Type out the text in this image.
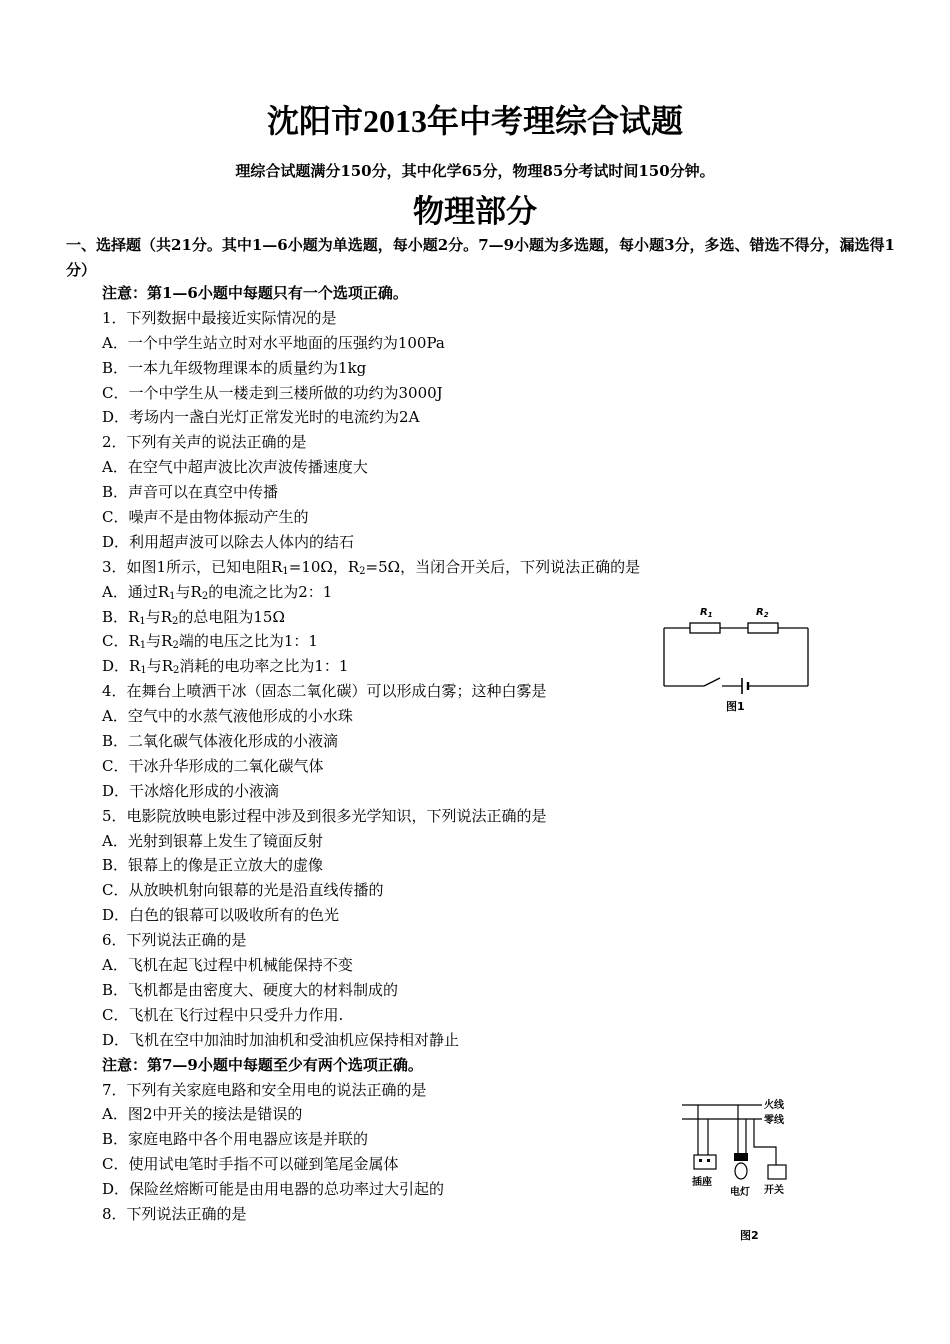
沈阳市2013年中考理综合试题
理综合试题满分150分，其中化学65分，物理85分考试时间150分钟。
物理部分
一、选择题（共21分。其中1—6小题为单选题，每小题2分。7—9小题为多选题，每小题3分，多选、错选不得分，漏选得1分）
注意：第1—6小题中每题只有一个选项正确。
1．下列数据中最接近实际情况的是
A．一个中学生站立时对水平地面的压强约为100Pa
B．一本九年级物理课本的质量约为1kg
C．一个中学生从一楼走到三楼所做的功约为3000J
D．考场内一盏白光灯正常发光时的电流约为2A
2．下列有关声的说法正确的是
A．在空气中超声波比次声波传播速度大
B．声音可以在真空中传播
C．噪声不是由物体振动产生的
D．利用超声波可以除去人体内的结石
3．如图1所示，已知电阻$R_1=10\Omega$，$R_2=5\Omega$，当闭合开关后，下列说法正确的是
A．通过$R_1$与$R_2$的电流之比为2：1
B．$R_1$与$R_2$的总电阻为15Ω
C．$R_1$与$R_2$端的电压之比为1：1
D．$R_1$与$R_2$消耗的电功率之比为1：1
4．在舞台上喷洒干冰（固态二氧化碳）可以形成白雾；这种白雾是
A．空气中的水蒸气液他形成的小水珠
B．二氧化碳气体液化形成的小液滴
C．干冰升华形成的二氧化碳气体
D．干冰熔化形成的小液滴
5．电影院放映电影过程中涉及到很多光学知识，下列说法正确的是
A．光射到银幕上发生了镜面反射
B．银幕上的像是正立放大的虚像
C．从放映机射向银幕的光是沿直线传播的
D．白色的银幕可以吸收所有的色光
6．下列说法正确的是
A．飞机在起飞过程中机械能保持不变
B．飞机都是由密度大、硬度大的材料制成的
C．飞机在飞行过程中只受升力作用.
D．飞机在空中加油时加油机和受油机应保持相对静止
注意：第7—9小题中每题至少有两个选项正确。
7．下列有关家庭电路和安全用电的说法正确的是
A．图2中开关的接法是错误的
B．家庭电路中各个用电器应该是并联的
C．使用试电笔时手指不可以碰到笔尾金属体
D．保险丝熔断可能是由用电器的总功率过大引起的
8．下列说法正确的是
$R_1$	$R_2$
图1
火线
零线
插座
电灯 开关
图2
